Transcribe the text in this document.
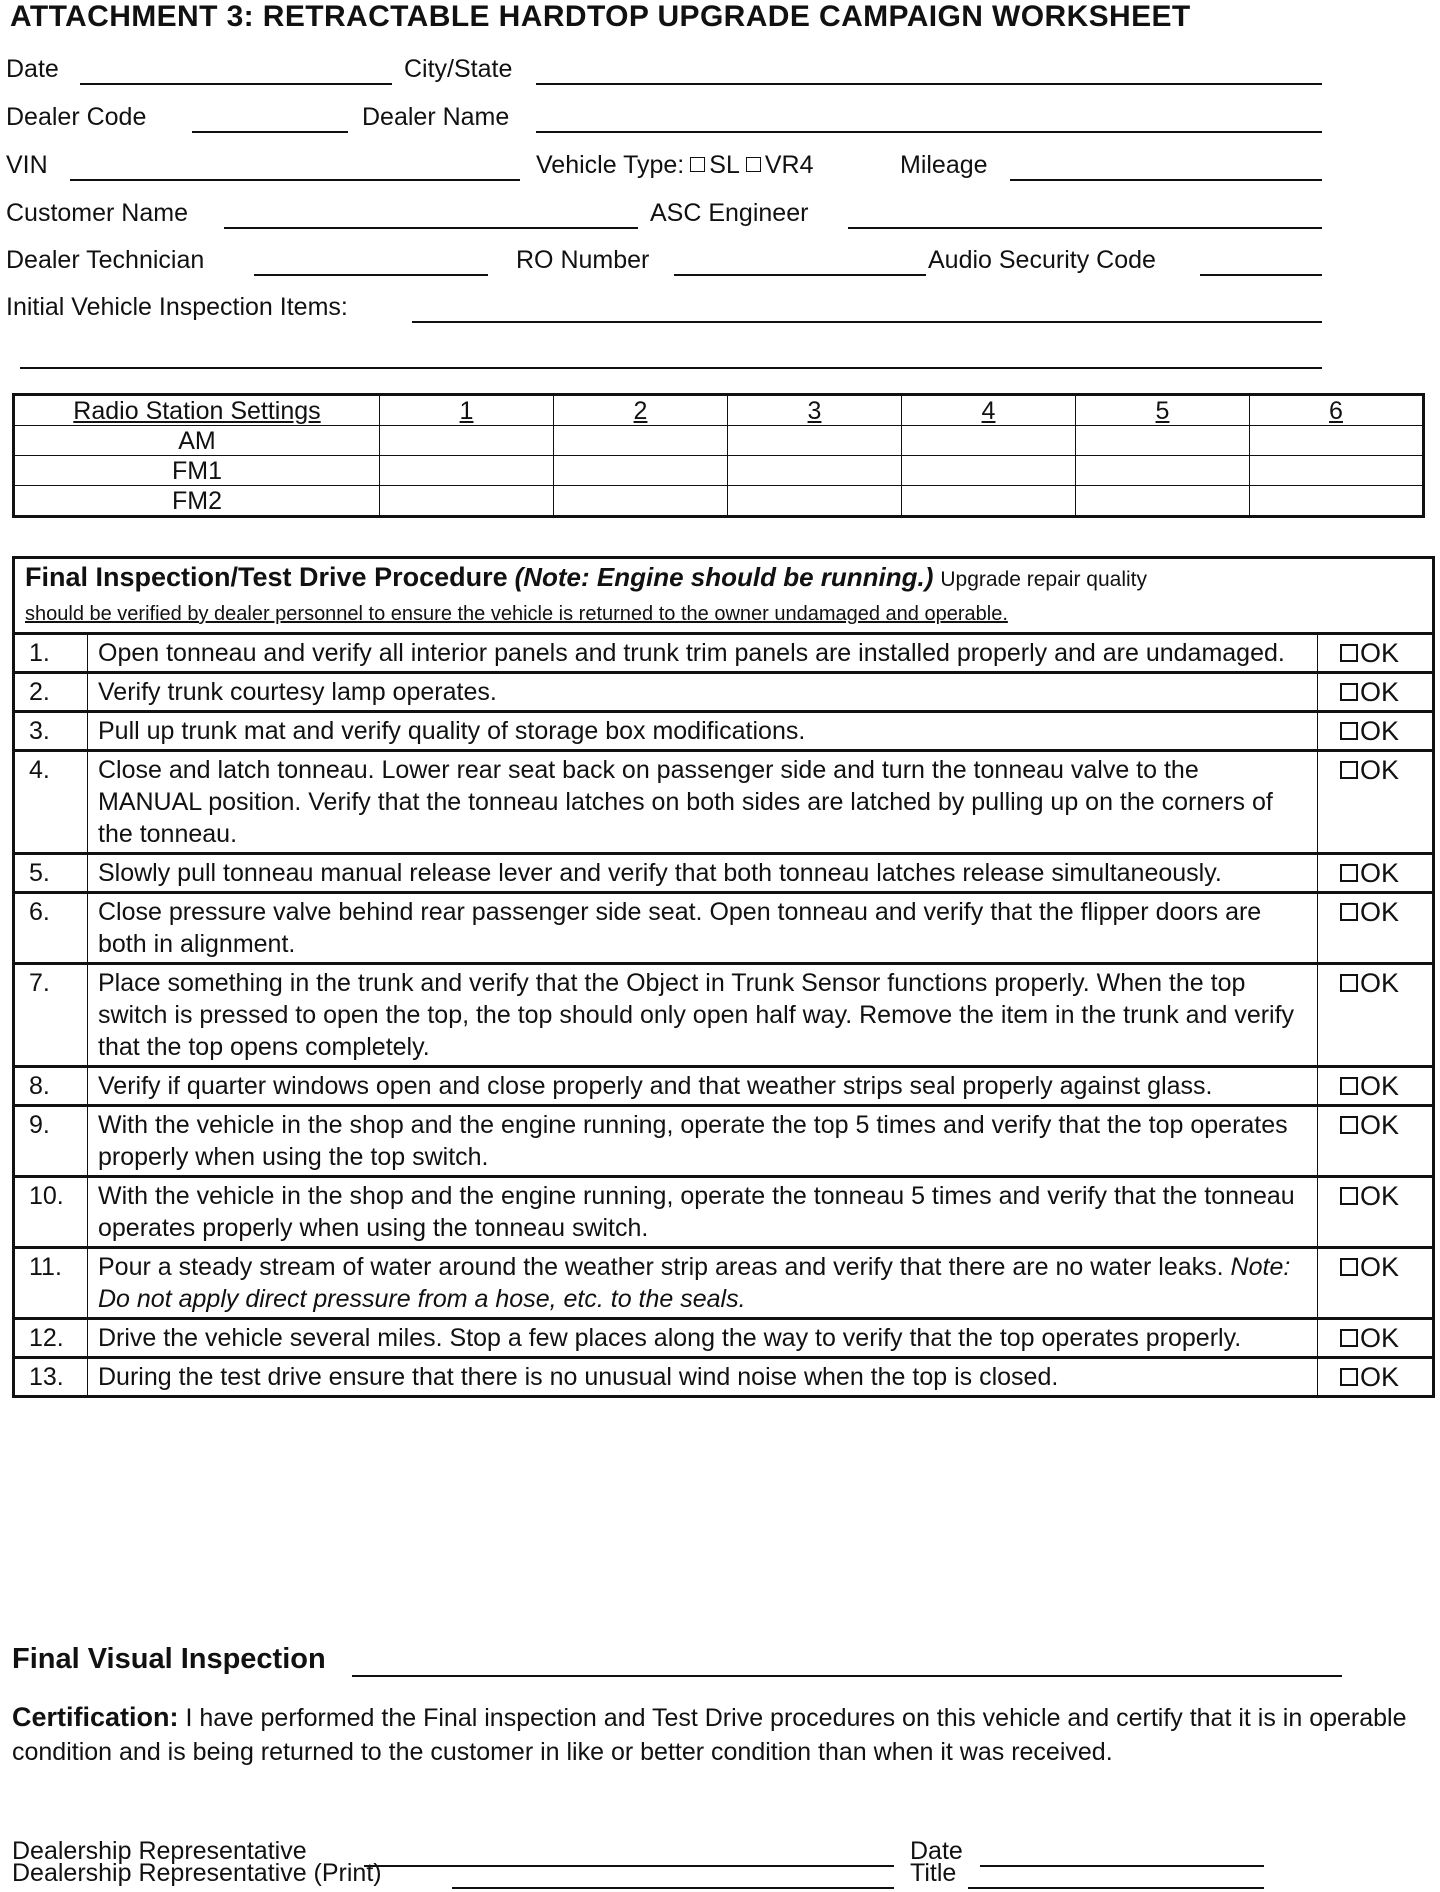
ATTACHMENT 3: RETRACTABLE HARDTOP UPGRADE CAMPAIGN WORKSHEET
Date	City/State
Dealer Code	Dealer Name
VIN	Vehicle Type: SL VR4	Mileage
Customer Name	ASC Engineer
Dealer Technician	RO Number	Audio Security Code
Initial Vehicle Inspection Items:
Radio Station Settings	1	2	3	4	5	6
AM						
FM1						
FM2						
Final Inspection/Test Drive Procedure (Note: Engine should be running.) Upgrade repair quality
should be verified by dealer personnel to ensure the vehicle is returned to the owner undamaged and operable.		

1.	Open tonneau and verify all interior panels and trunk trim panels are installed properly and are undamaged.	OK
2.	Verify trunk courtesy lamp operates.	OK
3.	Pull up trunk mat and verify quality of storage box modifications.	OK
4.	Close and latch tonneau. Lower rear seat back on passenger side and turn the tonneau valve to the MANUAL position. Verify that the tonneau latches on both sides are latched by pulling up on the corners of the tonneau.	OK
5.	Slowly pull tonneau manual release lever and verify that both tonneau latches release simultaneously.	OK
6.	Close pressure valve behind rear passenger side seat. Open tonneau and verify that the flipper doors are both in alignment.	OK
7.	Place something in the trunk and verify that the Object in Trunk Sensor functions properly. When the top switch is pressed to open the top, the top should only open half way. Remove the item in the trunk and verify that the top opens completely.	OK
8.	Verify if quarter windows open and close properly and that weather strips seal properly against glass.	OK
9.	With the vehicle in the shop and the engine running, operate the top 5 times and verify that the top operates properly when using the top switch.	OK
10.	With the vehicle in the shop and the engine running, operate the tonneau 5 times and verify that the tonneau operates properly when using the tonneau switch.	OK
11.	Pour a steady stream of water around the weather strip areas and verify that there are no water leaks. Note: Do not apply direct pressure from a hose, etc. to the seals.	OK
12.	Drive the vehicle several miles. Stop a few places along the way to verify that the top operates properly.	OK
13.	During the test drive ensure that there is no unusual wind noise when the top is closed.	OK
Final Visual Inspection
Certification: I have performed the Final inspection and Test Drive procedures on this vehicle and certify that it is in operable condition and is being returned to the customer in like or better condition than when it was received.
Dealership Representative	Date
Dealership Representative (Print)	Title
